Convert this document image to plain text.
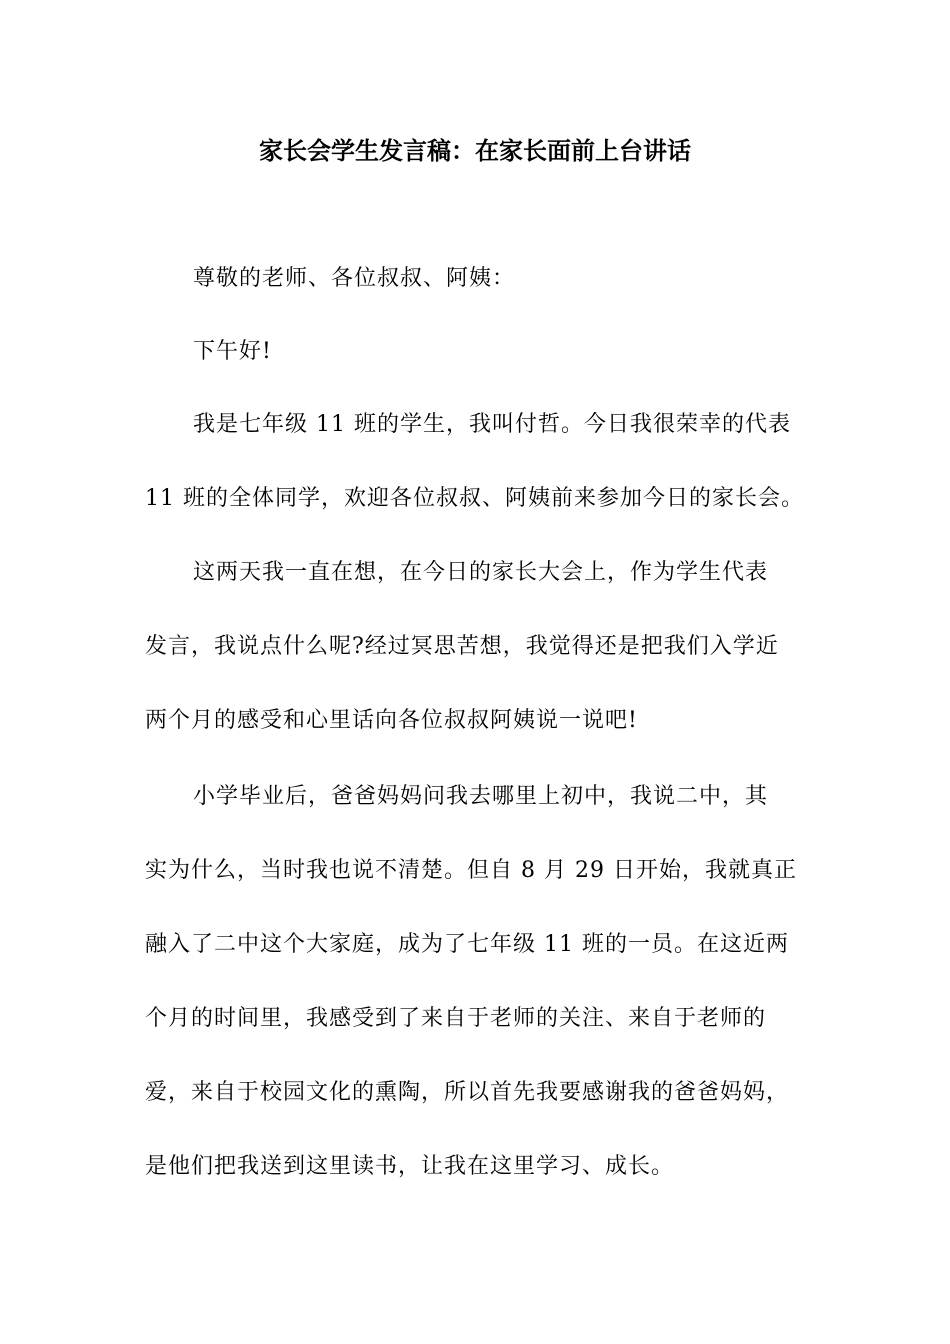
家长会学生发言稿：在家长面前上台讲话
尊敬的老师、各位叔叔、阿姨：
下午好!
我是七年级 11 班的学生，我叫付哲。今日我很荣幸的代表
11 班的全体同学，欢迎各位叔叔、阿姨前来参加今日的家长会。
这两天我一直在想，在今日的家长大会上，作为学生代表
发言，我说点什么呢?经过冥思苦想，我觉得还是把我们入学近
两个月的感受和心里话向各位叔叔阿姨说一说吧!
小学毕业后，爸爸妈妈问我去哪里上初中，我说二中，其
实为什么，当时我也说不清楚。但自 8 月 29 日开始，我就真正
融入了二中这个大家庭，成为了七年级 11 班的一员。在这近两
个月的时间里，我感受到了来自于老师的关注、来自于老师的
爱，来自于校园文化的熏陶，所以首先我要感谢我的爸爸妈妈，
是他们把我送到这里读书，让我在这里学习、成长。
